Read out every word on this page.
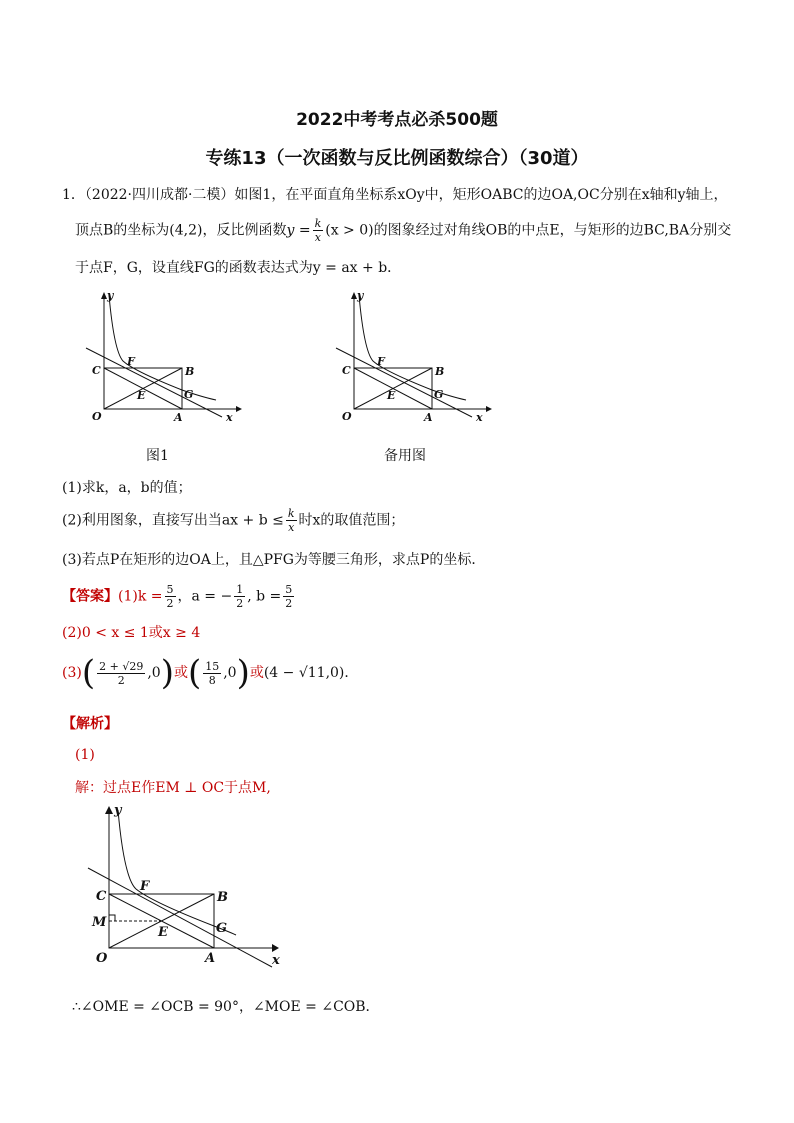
2022中考考点必杀500题
专练13（一次函数与反比例函数综合）（30道）
1．（2022·四川成都·二模）如图1，在平面直角坐标系xOy中，矩形OABC的边OA,OC分别在x轴和y轴上，
顶点B的坐标为(4,2)，反比例函数$y = \frac{k}{x} (x > 0)$的图象经过对角线OB的中点E，与矩形的边BC,BA分别交
于点F，G，设直线FG的函数表达式为y = ax + b．
y
x
O	A
B
C
F
E	G
y
x
O	A
B
C
F
E	G
图1	备用图
(1)求k，a，b的值；
(2)利用图象，直接写出当ax + $b \le \frac{k}{x}$ 时x的取值范围；
(3)若点P在矩形的边OA上，且△PFG为等腰三角形，求点P的坐标．
【答案】$(1)k = \frac{5}{2}$ ，a = − $\frac{1}{2}$ , $b = \frac{5}{2}$
(2)0 < x ≤ 1或x ≥ 4
$(3)( \frac{2 + √29}{2} ,0)$或( $\frac{15}{8} ,0$)或(4 − √11,0)．
【解析】
(1)
解：过点E作EM ⊥ OC于点M,
y
x
O	A
B
C
F
E	G
M
∴∠OME = ∠OCB = 90°，∠MOE = ∠COB．
